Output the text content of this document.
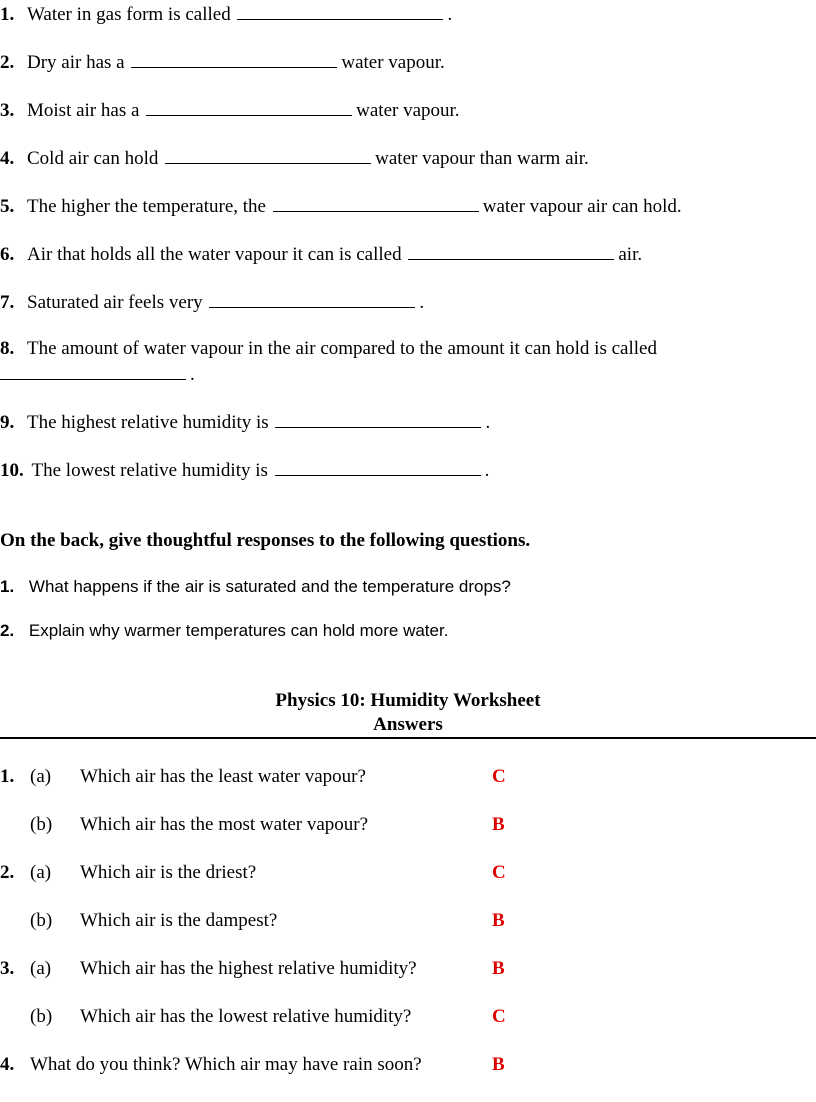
1. Water in gas form is called	.
2. Dry air has a	water vapour.
3. Moist air has a	water vapour.
4. Cold air can hold	water vapour than warm air.
5. The higher the temperature, the	water vapour air can hold.
6. Air that holds all the water vapour it can is called	air.
7. Saturated air feels very	.
8. The amount of water vapour in the air compared to the amount it can hold is called
.
9. The highest relative humidity is	.
10. The lowest relative humidity is	.
On the back, give thoughtful responses to the following questions.
1. What happens if the air is saturated and the temperature drops?
2. Explain why warmer temperatures can hold more water.
Physics 10: Humidity Worksheet
Answers
1. (a) Which air has the least water vapour?	C
(b) Which air has the most water vapour?	B
2. (a) Which air is the driest?	C
(b) Which air is the dampest?	B
3. (a) Which air has the highest relative humidity?	B
(b) Which air has the lowest relative humidity?	C
4. What do you think? Which air may have rain soon?	B
